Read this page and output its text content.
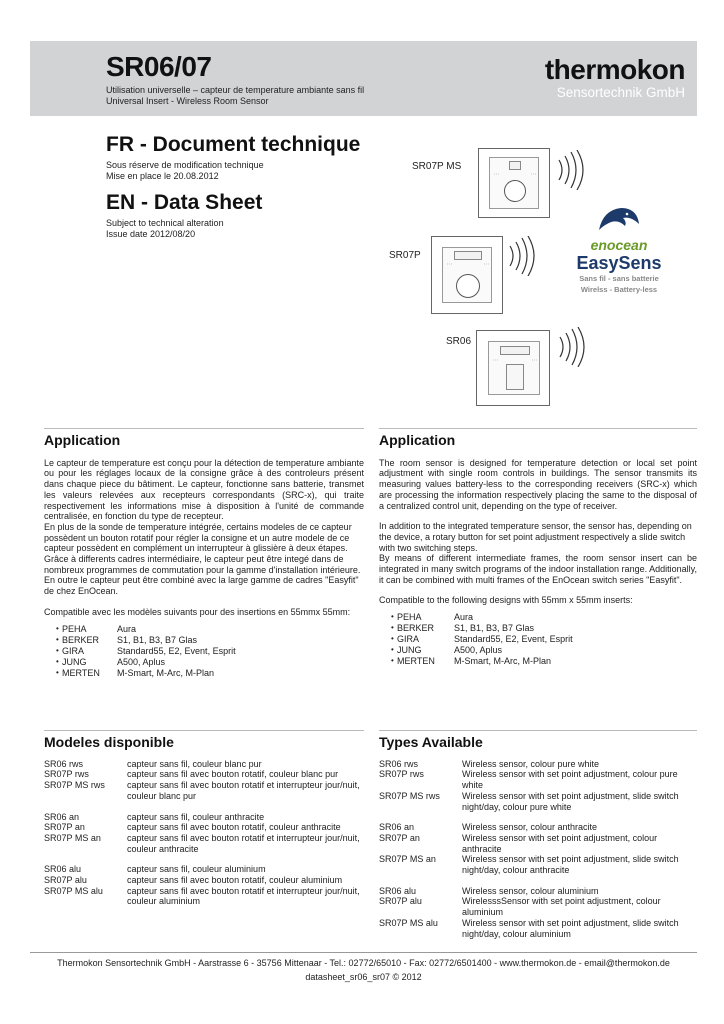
SR06/07
Utilisation universelle – capteur de temperature ambiante sans fil
Universal Insert - Wireless Room Sensor
thermokon
Sensortechnik GmbH
FR - Document technique
Sous réserve de modification technique
Mise en place le 20.08.2012
EN - Data Sheet
Subject to technical alteration
Issue date 2012/08/20
SR07P MS
:::	:::
SR07P
:::	:::
SR06
:::	:::
enocean
EasySens
Sans fil - sans batterie
Wirelss - Battery-less
Application
Le capteur de temperature est conçu pour la détection de temperature ambiante ou pour les réglages locaux de la consigne grâce à des controleurs présent dans chaque piece du bâtiment. Le capteur, fonctionne sans batterie, transmet les valeurs relevées aux recepteurs correspondants (SRC-x), qui traite respectivement les informations mise à disposition à l'unité de commande centralisée, en fonction du type de recepteur.
En plus de la sonde de temperature intégrée, certains modeles de ce capteur possèdent un bouton rotatif pour régler la consigne et un autre modele de ce capteur possèdent en complément un interrupteur à glissière à deux étapes.
Grâce à differents cadres intermédiaire, le capteur peut être integé dans de nombreux programmes de commutation pour la gamme d'installation intérieure. En outre le capteur peut être combiné avec la large gamme de cadres "Easyfit" de chez EnOcean.
Compatible avec les modèles suivants pour des insertions en 55mmx 55mm:
• PEHA	Aura
• BERKER	S1, B1, B3, B7 Glas
• GIRA	Standard55, E2, Event, Esprit
• JUNG	A500, Aplus
• MERTEN	M-Smart, M-Arc, M-Plan
Modeles disponible
SR06 rws	capteur sans fil, couleur blanc pur
SR07P rws	capteur sans fil avec bouton rotatif, couleur blanc pur
SR07P MS rws	capteur sans fil avec bouton rotatif et interrupteur jour/nuit, couleur blanc pur
SR06 an	capteur sans fil, couleur anthracite
SR07P an	capteur sans fil avec bouton rotatif, couleur anthracite
SR07P MS an	capteur sans fil avec bouton rotatif et interrupteur jour/nuit, couleur anthracite
SR06 alu	capteur sans fil, couleur aluminium
SR07P alu	capteur sans fil avec bouton rotatif, couleur aluminium
SR07P MS alu	capteur sans fil avec bouton rotatif et interrupteur jour/nuit, couleur aluminium
Application
The room sensor is designed for temperature detection or local set point adjustment with single room controls in buildings. The sensor transmits its measuring values battery-less to the corresponding receivers (SRC-x) which are processing the information respectively placing the same to the disposal of a centralized control unit, depending on the type of receiver.
In addition to the integrated temperature sensor, the sensor has, depending on the device, a rotary button for set point adjustment respectively a slide switch with two switching steps.
By means of different intermediate frames, the room sensor insert can be integrated in many switch programs of the indoor installation range. Additionally, it can be combined with multi frames of the EnOcean switch series "Easyfit".
Compatible to the following designs with 55mm x 55mm inserts:
• PEHA	Aura
• BERKER	S1, B1, B3, B7 Glas
• GIRA	Standard55, E2, Event, Esprit
• JUNG	A500, Aplus
• MERTEN	M-Smart, M-Arc, M-Plan
Types Available
SR06 rws	Wireless sensor, colour pure white
SR07P rws	Wireless sensor with set point adjustment, colour pure white
SR07P MS rws	Wireless sensor with set point adjustment, slide switch night/day, colour pure white
SR06 an	Wireless sensor, colour anthracite
SR07P an	Wireless sensor with set point adjustment, colour anthracite
SR07P MS an	Wireless sensor with set point adjustment, slide switch night/day, colour anthracite
SR06 alu	Wireless sensor, colour aluminium
SR07P alu	WirelesssSensor with set point adjustment, colour aluminium
SR07P MS alu	Wireless sensor with set point adjustment, slide switch night/day, colour aluminium
Thermokon Sensortechnik GmbH - Aarstrasse 6 - 35756 Mittenaar - Tel.: 02772/65010 - Fax: 02772/6501400 - www.thermokon.de - email@thermokon.de
datasheet_sr06_sr07 © 2012
